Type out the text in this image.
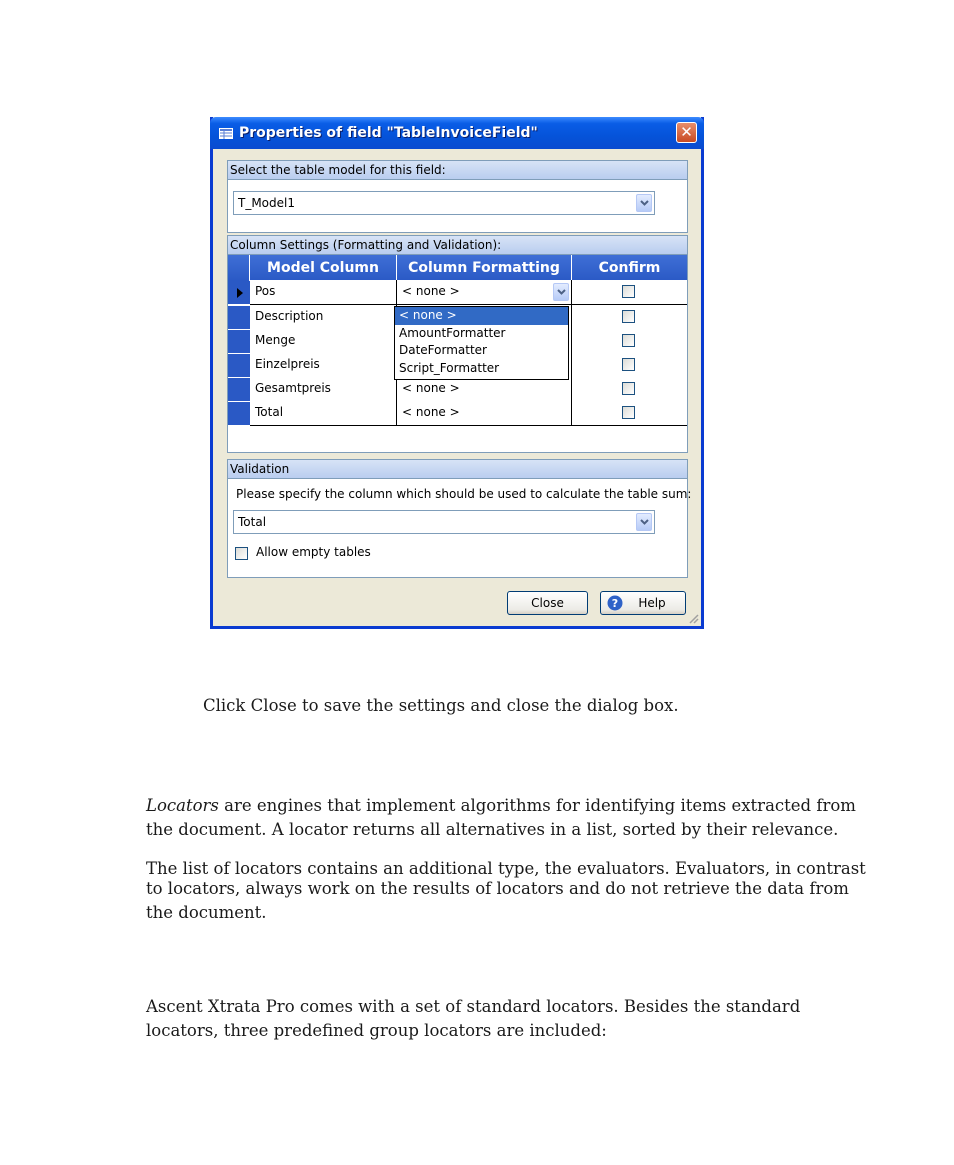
Properties of field "TableInvoiceField"	✕
Select the table model for this field:
T_Model1
Column Settings (Formatting and Validation):
Model Column	Column Formatting	Confirm
Pos	< none >
Description
Menge
Einzelpreis
Gesamtpreis	< none >
Total	< none >
Validation
Please specify the column which should be used to calculate the table sum:
Total
Allow empty tables
Close	? Help
< none >
AmountFormatter
DateFormatter
Script_Formatter
Click Close to save the settings and close the dialog box.
Locators are engines that implement algorithms for identifying items extracted from
the document. A locator returns all alternatives in a list, sorted by their relevance.
The list of locators contains an additional type, the evaluators. Evaluators, in contrast
to locators, always work on the results of locators and do not retrieve the data from
the document.
Ascent Xtrata Pro comes with a set of standard locators. Besides the standard
locators, three predefined group locators are included:
